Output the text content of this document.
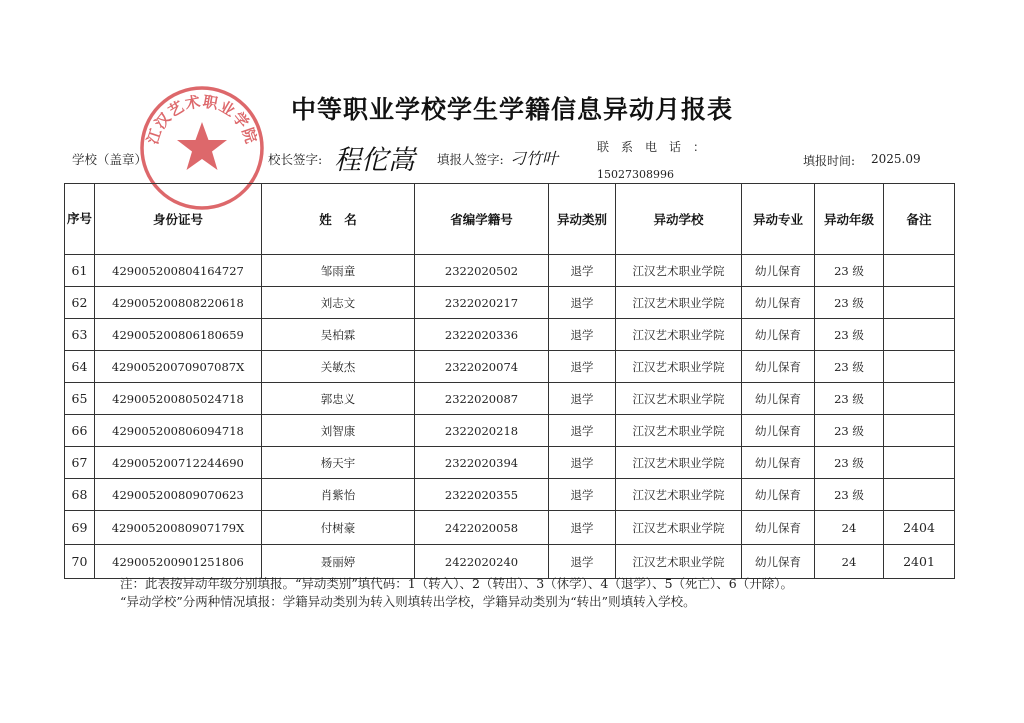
江汉艺术职业学院
中等职业学校学生学籍信息异动月报表
学校（盖章）	校长签字: 程佗嵩 填报人签字: 刁竹叶
联　系　电　话　：
15027308996
填报时间: 2025.09
序号	身份证号	姓　名	省编学籍号	异动类别	异动学校	异动专业	异动年级	备注
61	429005200804164727	邹雨童	2322020502	退学	江汉艺术职业学院	幼儿保育	23 级	
62	429005200808220618	刘志文	2322020217	退学	江汉艺术职业学院	幼儿保育	23 级	
63	429005200806180659	吴柏霖	2322020336	退学	江汉艺术职业学院	幼儿保育	23 级	
64	42900520070907087X	关敏杰	2322020074	退学	江汉艺术职业学院	幼儿保育	23 级	
65	429005200805024718	郭忠义	2322020087	退学	江汉艺术职业学院	幼儿保育	23 级	
66	429005200806094718	刘智康	2322020218	退学	江汉艺术职业学院	幼儿保育	23 级	
67	429005200712244690	杨天宇	2322020394	退学	江汉艺术职业学院	幼儿保育	23 级	
68	429005200809070623	肖紫怡	2322020355	退学	江汉艺术职业学院	幼儿保育	23 级	
69	42900520080907179X	付树豪	2422020058	退学	江汉艺术职业学院	幼儿保育	24	2404
70	429005200901251806	聂丽婷	2422020240	退学	江汉艺术职业学院	幼儿保育	24	2401
注：此表按异动年级分别填报。“异动类别”填代码：1（转入）、2（转出）、3（休学）、4（退学）、5（死亡）、6（开除）。
“异动学校”分两种情况填报：学籍异动类别为转入则填转出学校，学籍异动类别为“转出”则填转入学校。
